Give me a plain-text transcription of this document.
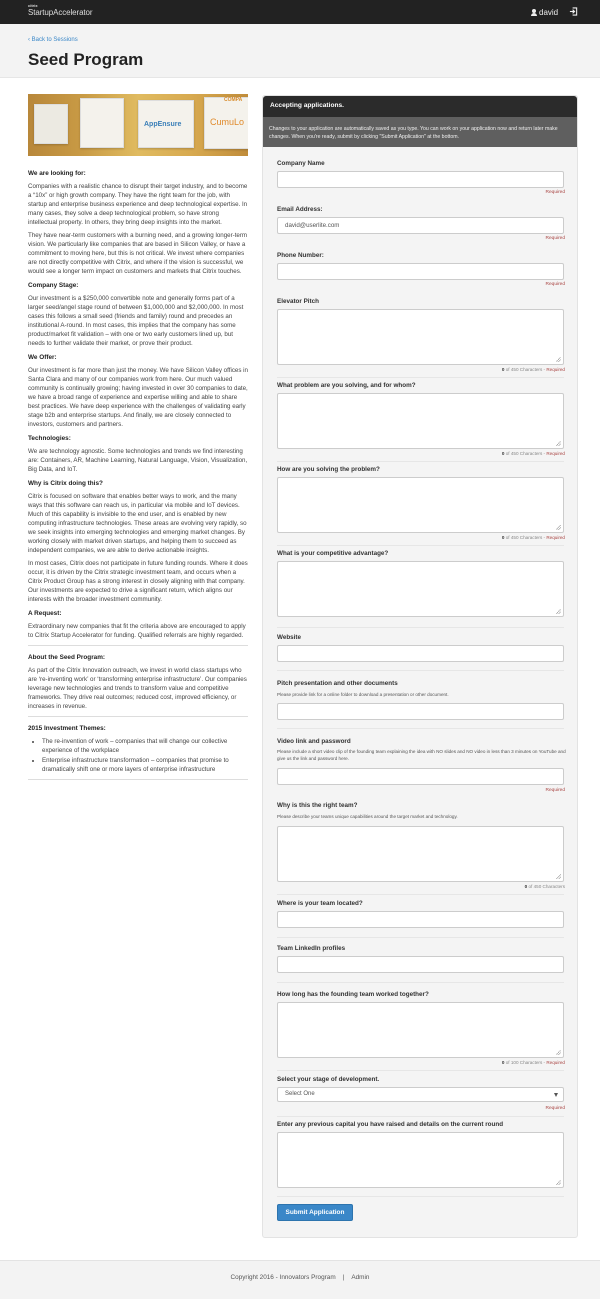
citrix
StartupAccelerator	david
‹ Back to Sessions
Seed Program
AppEnsure	CumuLo
COMPA
We are looking for:

Companies with a realistic chance to disrupt their target industry, and to become a “10x” or high growth company. They have the right team for the job, with startup and enterprise business experience and deep technological expertise. In many cases, they solve a deep technological problem, so have strong intellectual property. In others, they bring deep insights into the market.

They have near-term customers with a burning need, and a growing longer-term vision. We particularly like companies that are based in Silicon Valley, or have a commitment to moving here, but this is not critical. We invest where companies are not directly competitive with Citrix, and where if the vision is successful, we would see a longer term impact on customers and markets that Citrix touches.

Company Stage:

Our investment is a $250,000 convertible note and generally forms part of a larger seed/angel stage round of between $1,000,000 and $2,000,000. In most cases this follows a small seed (friends and family) round and precedes an institutional A-round. In most cases, this implies that the company has some product/market fit validation – with one or two early customers lined up, but needs to further validate their market, or prove their product.

We Offer:

Our investment is far more than just the money. We have Silicon Valley offices in Santa Clara and many of our companies work from here. Our much valued community is continually growing; having invested in over 30 companies to date, we have a broad range of experience and expertise willing and able to share best practices. We have deep experience with the challenges of validating early stage b2b and enterprise startups. And finally, we are closely connected to investors, customers and partners.

Technologies:

We are technology agnostic. Some technologies and trends we find interesting are: Containers, AR, Machine Learning, Natural Language, Vision, Visualization, Big Data, and IoT.

Why is Citrix doing this?

Citrix is focused on software that enables better ways to work, and the many ways that this software can reach us, in particular via mobile and IoT devices. Much of this capability is invisible to the end user, and is enabled by new computing infrastructure technologies. These areas are evolving very rapidly, so we seek insights into emerging technologies and emerging market changes. By working closely with market driven startups, and helping them to succeed as independent companies, we are able to derive actionable insights.

In most cases, Citrix does not participate in future funding rounds. Where it does occur, it is driven by the Citrix strategic investment team, and occurs when a Citrix Product Group has a strong interest in closely aligning with that company. Our investments are expected to drive a significant return, which aligns our interests with the broader investment community.

A Request:

Extraordinary new companies that fit the criteria above are encouraged to apply to Citrix Startup Accelerator for funding. Qualified referrals are highly regarded.

About the Seed Program:

As part of the Citrix Innovation outreach, we invest in world class startups who are ‘re-inventing work’ or ‘transforming enterprise infrastructure’. Our companies leverage new technologies and trends to transform value and competitive frameworks. They drive real outcomes; reduced cost, improved efficiency, or increases in revenue.

2015 Investment Themes:
• The re-invention of work – companies that will change our collective experience of the workplace
• Enterprise infrastructure transformation – companies that promise to dramatically shift one or more layers of enterprise infrastructure
Accepting applications.
Changes to your application are automatically saved as you type. You can work on your application now and return later make changes. When you're ready, submit by clicking "Submit Application" at the bottom.
Company Name
Required
Email Address:
david@userlite.com
Required
Phone Number:
Required
Elevator Pitch
0 of 450 Characters - Required
What problem are you solving, and for whom?
0 of 450 Characters - Required
How are you solving the problem?
0 of 450 Characters - Required
What is your competitive advantage?
Website
Pitch presentation and other documents
Please provide link for a online folder to download a presentation or other document.
Video link and password
Please include a short video clip of the founding team explaining the idea with NO slides and NO video in less than 3 minutes on YouTube and give us the link and password here.
Required
Why is this the right team?
Please describe your teams unique capabilities around the target market and technology.
0 of 450 Characters
Where is your team located?
Team LinkedIn profiles
How long has the founding team worked together?
0 of 100 Characters - Required
Select your stage of development.
Select One
Required
Enter any previous capital you have raised and details on the current round
Submit Application
Copyright 2016 - Innovators Program | Admin
